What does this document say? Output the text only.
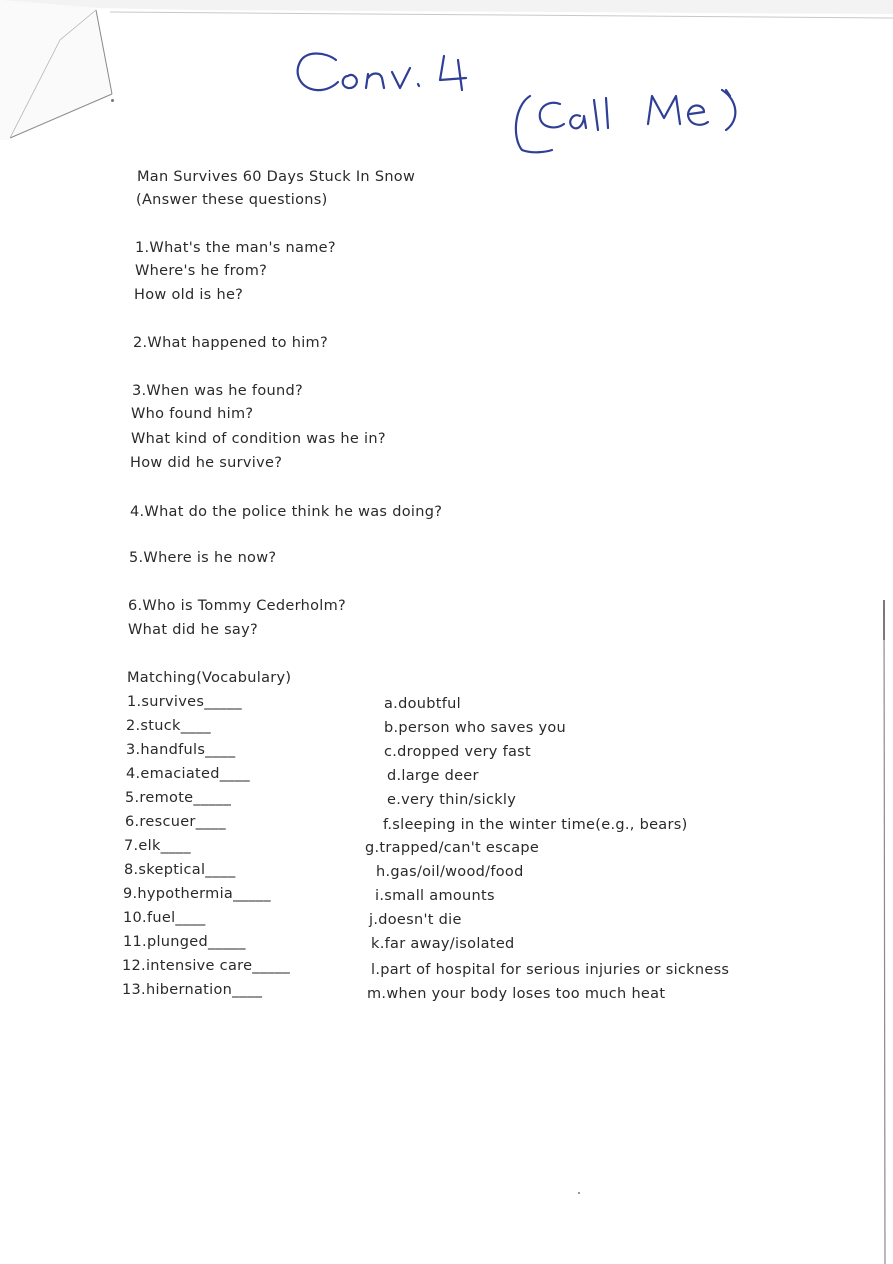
Man Survives 60 Days Stuck In Snow
(Answer these questions)
1.What's the man's name?
Where's he from?
How old is he?
2.What happened to him?
3.When was he found?
Who found him?
What kind of condition was he in?
How did he survive?
4.What do the police think he was doing?
5.Where is he now?
6.Who is Tommy Cederholm?
What did he say?
Matching(Vocabulary)
1.survives_____
2.stuck____
3.handfuls____
4.emaciated____
5.remote_____
6.rescuer____
7.elk____
8.skeptical____
9.hypothermia_____
10.fuel____
11.plunged_____
12.intensive care_____
13.hibernation____
a.doubtful
b.person who saves you
c.dropped very fast
d.large deer
e.very thin/sickly
f.sleeping in the winter time(e.g., bears)
g.trapped/can't escape
h.gas/oil/wood/food
i.small amounts
j.doesn't die
k.far away/isolated
l.part of hospital for serious injuries or sickness
m.when your body loses too much heat
